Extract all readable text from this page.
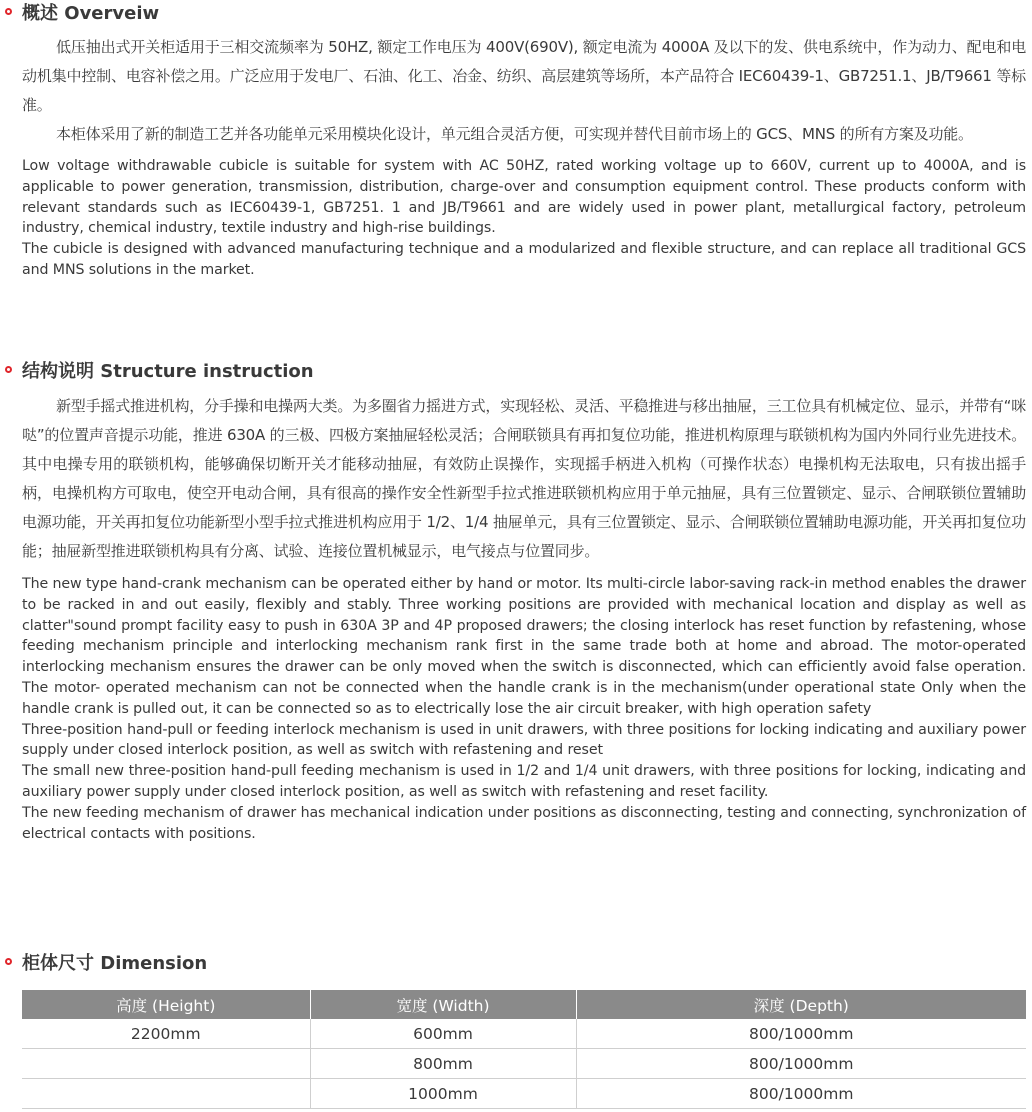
概述 Overveiw

低压抽出式开关柜适用于三相交流频率为 50HZ, 额定工作电压为 400V(690V), 额定电流为 4000A 及以下的发、供电系统中，作为动力、配电和电动机集中控制、电容补偿之用。广泛应用于发电厂、石油、化工、冶金、纺织、高层建筑等场所，本产品符合 IEC60439-1、GB7251.1、JB/T9661 等标准。

本柜体采用了新的制造工艺并各功能单元采用模块化设计，单元组合灵活方便，可实现并替代目前市场上的 GCS、MNS 的所有方案及功能。

Low voltage withdrawable cubicle is suitable for system with AC 50HZ, rated working voltage up to 660V, current up to 4000A, and is applicable to power generation, transmission, distribution, charge-over and consumption equipment control. These products conform with relevant standards such as IEC60439-1, GB7251. 1 and JB/T9661 and are widely used in power plant, metallurgical factory, petroleum industry, chemical industry, textile industry and high-rise buildings.

The cubicle is designed with advanced manufacturing technique and a modularized and flexible structure, and can replace all traditional GCS and MNS solutions in the market.

结构说明 Structure instruction

新型手摇式推进机构，分手操和电操两大类。为多圈省力摇进方式，实现轻松、灵活、平稳推进与移出抽屉，三工位具有机械定位、显示，并带有“咪哒”的位置声音提示功能，推进 630A 的三极、四极方案抽屉轻松灵活；合闸联锁具有再扣复位功能，推进机构原理与联锁机构为国内外同行业先进技术。其中电操专用的联锁机构，能够确保切断开关才能移动抽屉，有效防止误操作，实现摇手柄进入机构（可操作状态）电操机构无法取电，只有拔出摇手柄，电操机构方可取电，使空开电动合闸，具有很高的操作安全性新型手拉式推进联锁机构应用于单元抽屉，具有三位置锁定、显示、合闸联锁位置辅助电源功能，开关再扣复位功能新型小型手拉式推进机构应用于 1/2、1/4 抽屉单元，具有三位置锁定、显示、合闸联锁位置辅助电源功能，开关再扣复位功能；抽屉新型推进联锁机构具有分离、试验、连接位置机械显示，电气接点与位置同步。

The new type hand-crank mechanism can be operated either by hand or motor. Its multi-circle labor-saving rack-in method enables the drawer to be racked in and out easily, flexibly and stably. Three working positions are provided with mechanical location and display as well as clatter"sound prompt facility easy to push in 630A 3P and 4P proposed drawers; the closing interlock has reset function by refastening, whose feeding mechanism principle and interlocking mechanism rank first in the same trade both at home and abroad. The motor-operated interlocking mechanism ensures the drawer can be only moved when the switch is disconnected, which can efficiently avoid false operation. The motor- operated mechanism can not be connected when the handle crank is in the mechanism(under operational state Only when the handle crank is pulled out, it can be connected so as to electrically lose the air circuit breaker, with high operation safety

Three-position hand-pull or feeding interlock mechanism is used in unit drawers, with three positions for locking indicating and auxiliary power supply under closed interlock position, as well as switch with refastening and reset

The small new three-position hand-pull feeding mechanism is used in 1/2 and 1/4 unit drawers, with three positions for locking, indicating and auxiliary power supply under closed interlock position, as well as switch with refastening and reset facility.

The new feeding mechanism of drawer has mechanical indication under positions as disconnecting, testing and connecting, synchronization of electrical contacts with positions.

柜体尺寸 Dimension
高度 (Height)	宽度 (Width)	深度 (Depth)
2200mm	600mm	800/1000mm
	800mm	800/1000mm
	1000mm	800/1000mm
